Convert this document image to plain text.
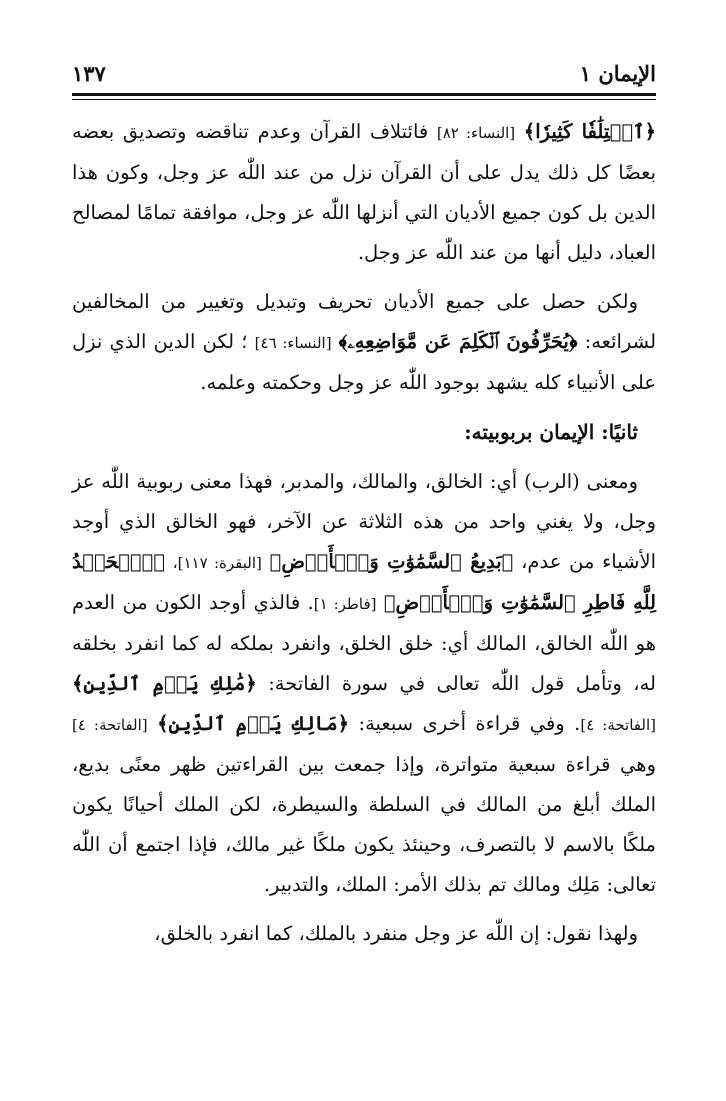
الإيمان ١
١٣٧

﴿ٱخۡتِلَٰفٗا كَثِيرٗا﴾ [النساء: ٨٢] فائتلاف القرآن وعدم تناقضه وتصديق بعضه بعضًا كل ذلك يدل على أن القرآن نزل من عند اللّٰه عز وجل، وكون هذا الدين بل كون جميع الأديان التي أنزلها اللّٰه عز وجل، موافقة تمامًا لمصالح العباد، دليل أنها من عند اللّٰه عز وجل.

ولكن حصل على جميع الأديان تحريف وتبديل وتغيير من المخالفين لشرائعه: ﴿يُحَرِّفُونَ ٱلۡكَلِمَ عَن مَّوَاضِعِهِۦ﴾ [النساء: ٤٦] ؛ لكن الدين الذي نزل على الأنبياء كله يشهد بوجود اللّٰه عز وجل وحكمته وعلمه.

ثانيًا: الإيمان بربوبيته:

ومعنى (الرب) أي: الخالق، والمالك، والمدبر، فهذا معنى ربوبية اللّٰه عز وجل، ولا يغني واحد من هذه الثلاثة عن الآخر، فهو الخالق الذي أوجد الأشياء من عدم، ﴿بَدِيعُ ٱلسَّمَٰوَٰتِ وَٱلۡأَرۡضِ﴾ [البقرة: ١١٧]، ﴿ٱلۡحَمۡدُ لِلَّهِ فَاطِرِ ٱلسَّمَٰوَٰتِ وَٱلۡأَرۡضِ﴾ [فاطر: ١]. فالذي أوجد الكون من العدم هو اللّٰه الخالق، المالك أي: خلق الخلق، وانفرد بملكه له كما انفرد بخلقه له، وتأمل قول اللّٰه تعالى في سورة الفاتحة: ﴿مَٰلِكِ يَوۡمِ ٱلدِّينِ﴾ [الفاتحة: ٤]. وفي قراءة أخرى سبعية: ﴿مَالِكِ يَوۡمِ ٱلدِّينِ﴾ [الفاتحة: ٤] وهي قراءة سبعية متواترة، وإذا جمعت بين القراءتين ظهر معنًى بديع، الملك أبلغ من المالك في السلطة والسيطرة، لكن الملك أحيانًا يكون ملكًا بالاسم لا بالتصرف، وحينئذ يكون ملكًا غير مالك، فإذا اجتمع أن اللّٰه تعالى: مَلِك ومالك تم بذلك الأمر: الملك، والتدبير.

ولهذا نقول: إن اللّٰه عز وجل منفرد بالملك، كما انفرد بالخلق،
